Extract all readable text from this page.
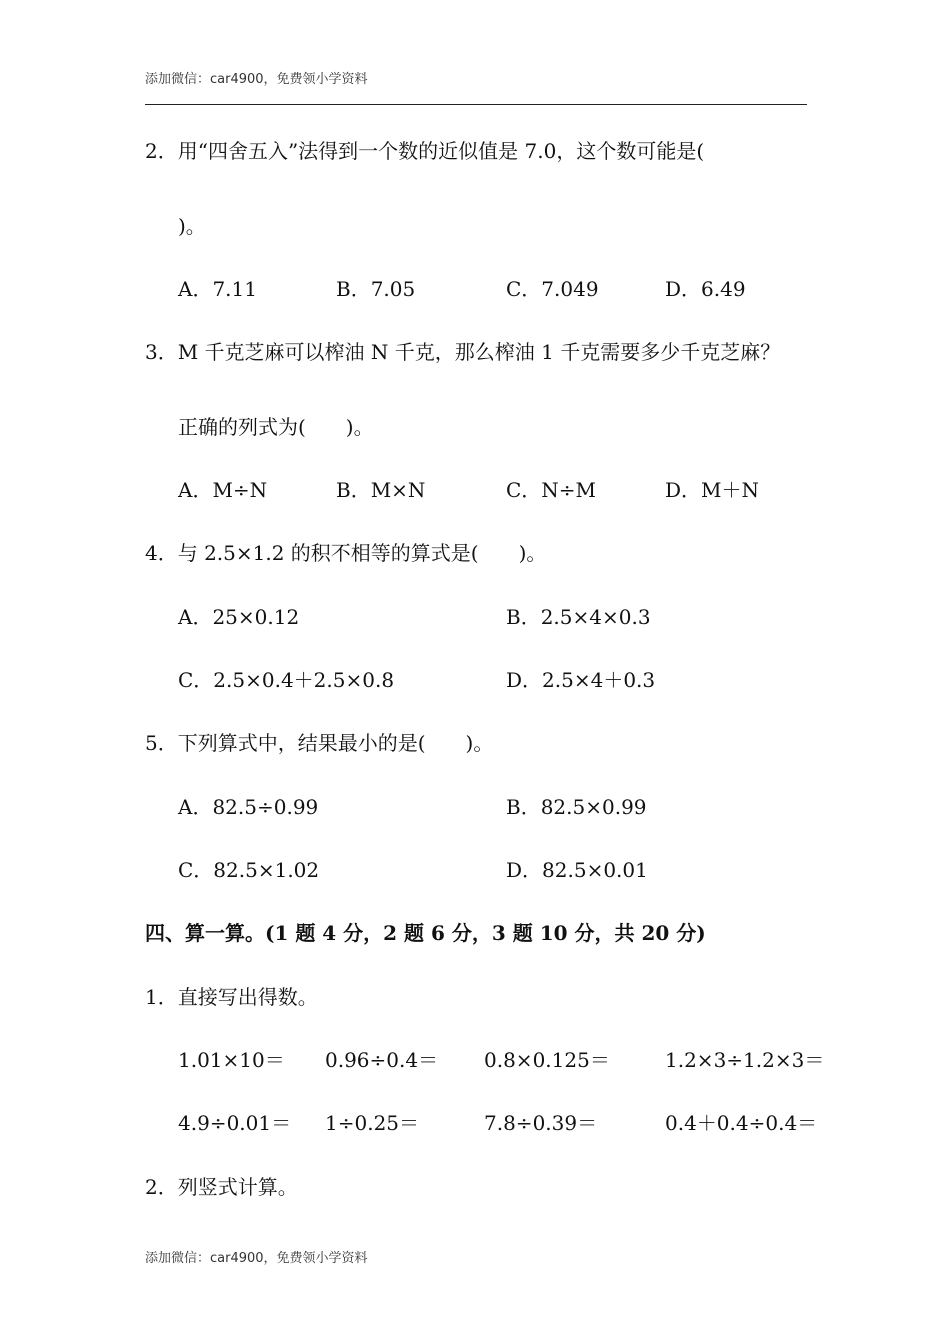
添加微信：car4900，免费领小学资料
2．用“四舍五入”法得到一个数的近似值是 7.0，这个数可能是(
)。
A．7.11	B．7.05	C．7.049	D．6.49
3．M 千克芝麻可以榨油 N 千克，那么榨油 1 千克需要多少千克芝麻？
正确的列式为(　　)。
A．M÷N	B．M×N	C．N÷M	D．M＋N
4．与 2.5×1.2 的积不相等的算式是(　　)。
A．25×0.12	B．2.5×4×0.3
C．2.5×0.4＋2.5×0.8	D．2.5×4＋0.3
5．下列算式中，结果最小的是(　　)。
A．82.5÷0.99	B．82.5×0.99
C．82.5×1.02	D．82.5×0.01
四、算一算。(1 题 4 分，2 题 6 分，3 题 10 分，共 20 分)
1．直接写出得数。
1.01×10＝ 0.96÷0.4＝ 0.8×0.125＝	1.2×3÷1.2×3＝
4.9÷0.01＝ 1÷0.25＝	7.8÷0.39＝	0.4＋0.4÷0.4＝
2．列竖式计算。
添加微信：car4900，免费领小学资料
